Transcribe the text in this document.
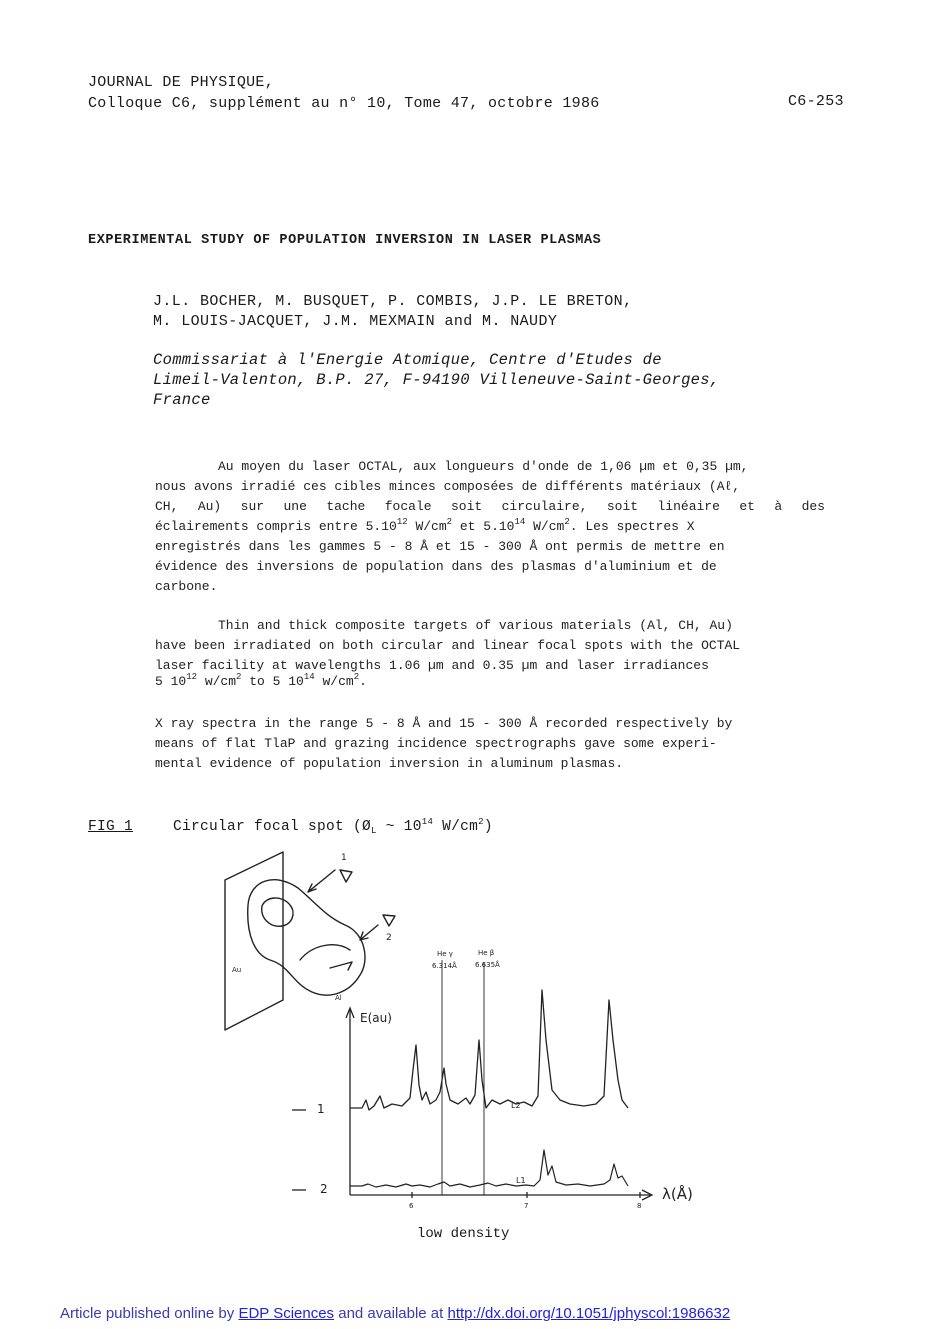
JOURNAL DE PHYSIQUE,
Colloque C6, supplément au n° 10, Tome 47, octobre 1986	C6-253
EXPERIMENTAL STUDY OF POPULATION INVERSION IN LASER PLASMAS
J.L. BOCHER, M. BUSQUET, P. COMBIS, J.P. LE BRETON,
M. LOUIS-JACQUET, J.M. MEXMAIN and M. NAUDY
Commissariat à l'Energie Atomique, Centre d'Etudes de
Limeil-Valenton, B.P. 27, F-94190 Villeneuve-Saint-Georges,
France
Au moyen du laser OCTAL, aux longueurs d'onde de 1,06 µm et 0,35 µm,
nous avons irradié ces cibles minces composées de différents matériaux (Aℓ,
CH, Au) sur une tache focale soit circulaire, soit linéaire et à des
éclairements compris entre 5.10$^{12}$ $W/cm^2$ et 5.10$^{14}$ $W/cm^2$. Les spectres X
enregistrés dans les gammes 5 - 8 Å et 15 - 300 Å ont permis de mettre en
évidence des inversions de population dans des plasmas d'aluminium et de
carbone.
Thin and thick composite targets of various materials (Al, CH, Au)
have been irradiated on both circular and linear focal spots with the OCTAL
laser facility at wavelengths 1.06 µm and 0.35 µm and laser irradiances
5 $10^{12}$ $w/cm^2$ to 5 $10^{14}$ $w/cm^2$.
X ray spectra in the range 5 - 8 Å and 15 - 300 Å recorded respectively by
means of flat TlaP and grazing incidence spectrographs gave some experi-
mental evidence of population inversion in aluminum plasmas.
FIG 1	Circular focal spot ($Ø_L$ ~ $10^{14}$ $W/cm^2$)
1
2
Au
Al
E(au)
λ(Å)
1
2
L2
L1
He γ
6.314Å
He β
6.635Å
6	7	8
low density
Article published online by EDP Sciences and available at http://dx.doi.org/10.1051/jphyscol:1986632
